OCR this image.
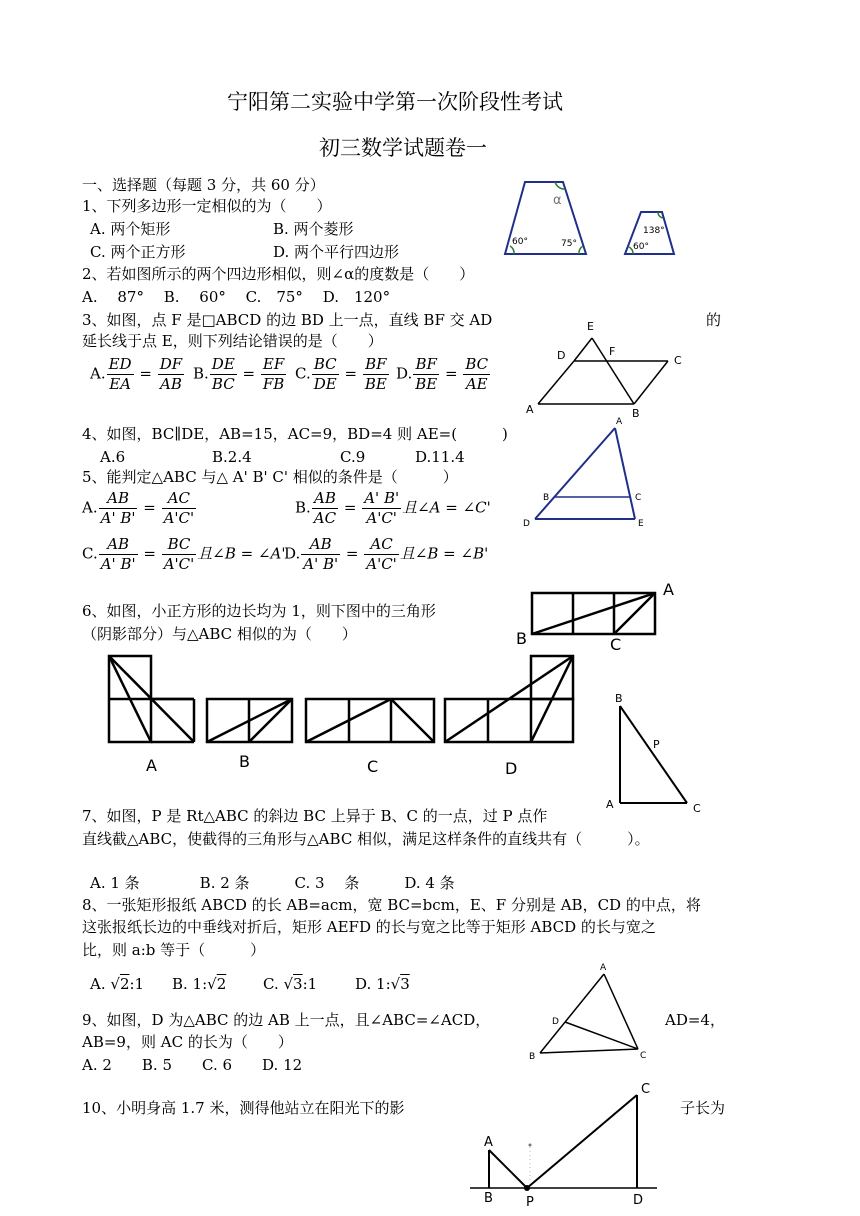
宁阳第二实验中学第一次阶段性考试
初三数学试题卷一
一、选择题（每题 3 分，共 60 分）
1、下列多边形一定相似的为（　　）
A. 两个矩形	B. 两个菱形
C. 两个正方形	D. 两个平行四边形
2、若如图所示的两个四边形相似，则∠α的度数是（　　）
A.　 87°　 B.　 60°　 C.　75°　 D.　120°
α
60°	75°
138°
60°
3、如图，点 F 是□ABCD 的边 BD 上一点，直线 BF 交 AD	的
延长线于点 E，则下列结论错误的是（　　）
A. $\frac{ED}{EA} = \frac{DF}{AB} B$. $\frac{DE}{BC} = \frac{EF}{FB} C$. $\frac{BC}{DE} = \frac{BF}{BE} D$. $\frac{BF}{BE} = \frac{BC}{AE}$
E
D	F
C
A	B
4、如图，BC∥DE，AB=15，AC=9，BD=4 则 AE=(　　　)
A.6	B.2.4	C.9	D.11.4
A
B	C
D	E
5、能判定△ABC 与△ A' B' C' 相似的条件是（　　　）
A. $\frac{AB}{A' B'} = \frac{AC}{A'C'}$	B. $\frac{AB}{AC} = \frac{A' B'}{A'C'}$ 且∠A = ∠C'
C. $\frac{AB}{A' B'} = \frac{BC}{A'C'}$ 且∠B = ∠A'
D. $\frac{AB}{A' B'} = \frac{AC}{A'C'}$ 且∠B = ∠B'
6、如图，小正方形的边长均为 1，则下图中的三角形
（阴影部分）与△ABC 相似的为（　　）
A
B	C
A	B	C	D
B
P
A	C
7、如图，P 是 Rt△ABC 的斜边 BC 上异于 B、C 的一点，过 P 点作
直线截△ABC，使截得的三角形与△ABC 相似，满足这样条件的直线共有（　　　）。
A. 1 条　　　　B. 2 条　　　C. 3　 条　　　D. 4 条
8、一张矩形报纸 ABCD 的长 AB=acm，宽 BC=bcm，E、F 分别是 AB，CD 的中点，将
这张报纸长边的中垂线对折后，矩形 AEFD 的长与宽之比等于矩形 ABCD 的长与宽之
比，则 a:b 等于（　　　）
A. √2:1 B. 1:√2 C. √3:1	D. 1:√3
A
D
B	C
9、如图，D 为△ABC 的边 AB 上一点，且∠ABC=∠ACD，	AD=4，
AB=9，则 AC 的长为（　　）
A. 2　　B. 5　　C. 6　　D. 12
10、小明身高 1.7 米，测得他站立在阳光下的影	子长为
A
B	P
C
D
